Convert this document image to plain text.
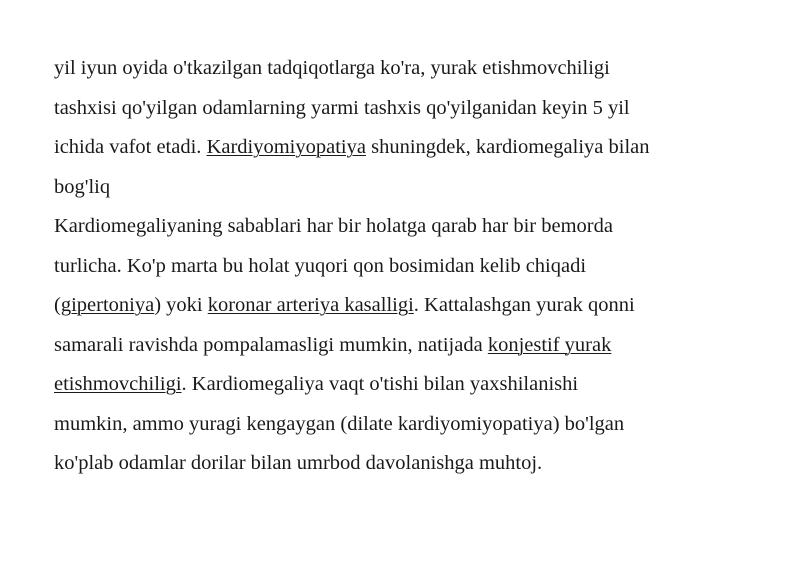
yil iyun oyida o'tkazilgan tadqiqotlarga ko'ra, yurak etishmovchiligi
tashxisi qo'yilgan odamlarning yarmi tashxis qo'yilganidan keyin 5 yil
ichida vafot etadi. Kardiyomiyopatiya shuningdek, kardiomegaliya bilan
bog'liq
Kardiomegaliyaning sabablari har bir holatga qarab har bir bemorda
turlicha. Ko'p marta bu holat yuqori qon bosimidan kelib chiqadi
(gipertoniya) yoki koronar arteriya kasalligi. Kattalashgan yurak qonni
samarali ravishda pompalamasligi mumkin, natijada konjestif yurak
etishmovchiligi. Kardiomegaliya vaqt o'tishi bilan yaxshilanishi
mumkin, ammo yuragi kengaygan (dilate kardiyomiyopatiya) bo'lgan
ko'plab odamlar dorilar bilan umrbod davolanishga muhtoj.
